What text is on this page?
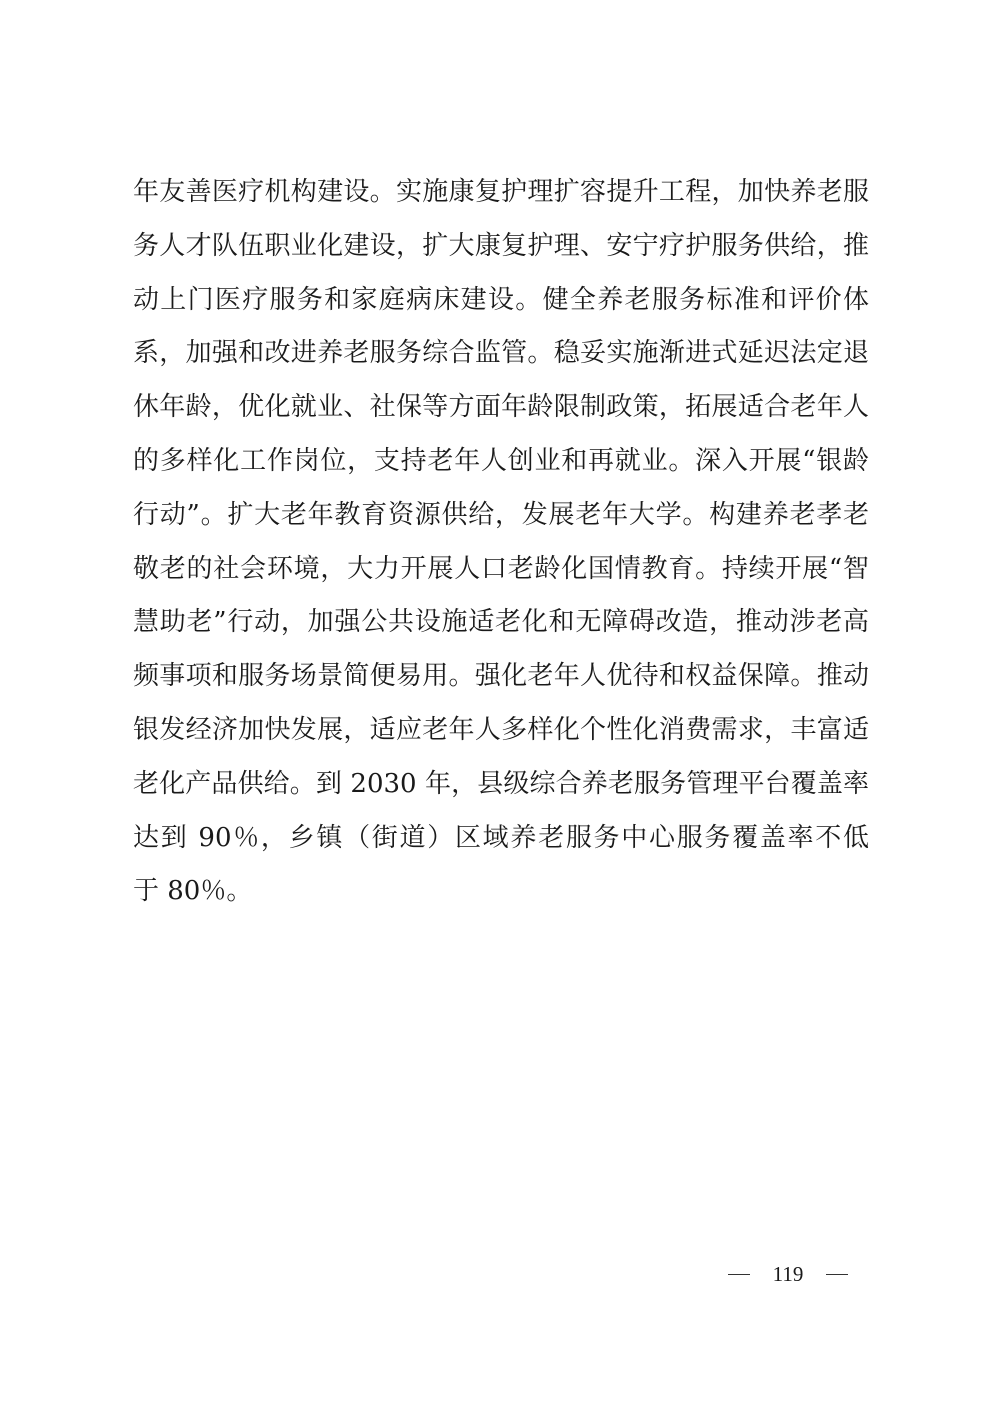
年友善医疗机构建设。实施康复护理扩容提升工程，加快养老服
务人才队伍职业化建设，扩大康复护理、安宁疗护服务供给，推
动上门医疗服务和家庭病床建设。健全养老服务标准和评价体
系，加强和改进养老服务综合监管。稳妥实施渐进式延迟法定退
休年龄，优化就业、社保等方面年龄限制政策，拓展适合老年人
的多样化工作岗位，支持老年人创业和再就业。深入开展“银龄
行动”。扩大老年教育资源供给，发展老年大学。构建养老孝老
敬老的社会环境，大力开展人口老龄化国情教育。持续开展“智
慧助老”行动，加强公共设施适老化和无障碍改造，推动涉老高
频事项和服务场景简便易用。强化老年人优待和权益保障。推动
银发经济加快发展，适应老年人多样化个性化消费需求，丰富适
老化产品供给。到 2030 年，县级综合养老服务管理平台覆盖率
达到 90％，乡镇（街道）区域养老服务中心服务覆盖率不低
于 80％。
119
